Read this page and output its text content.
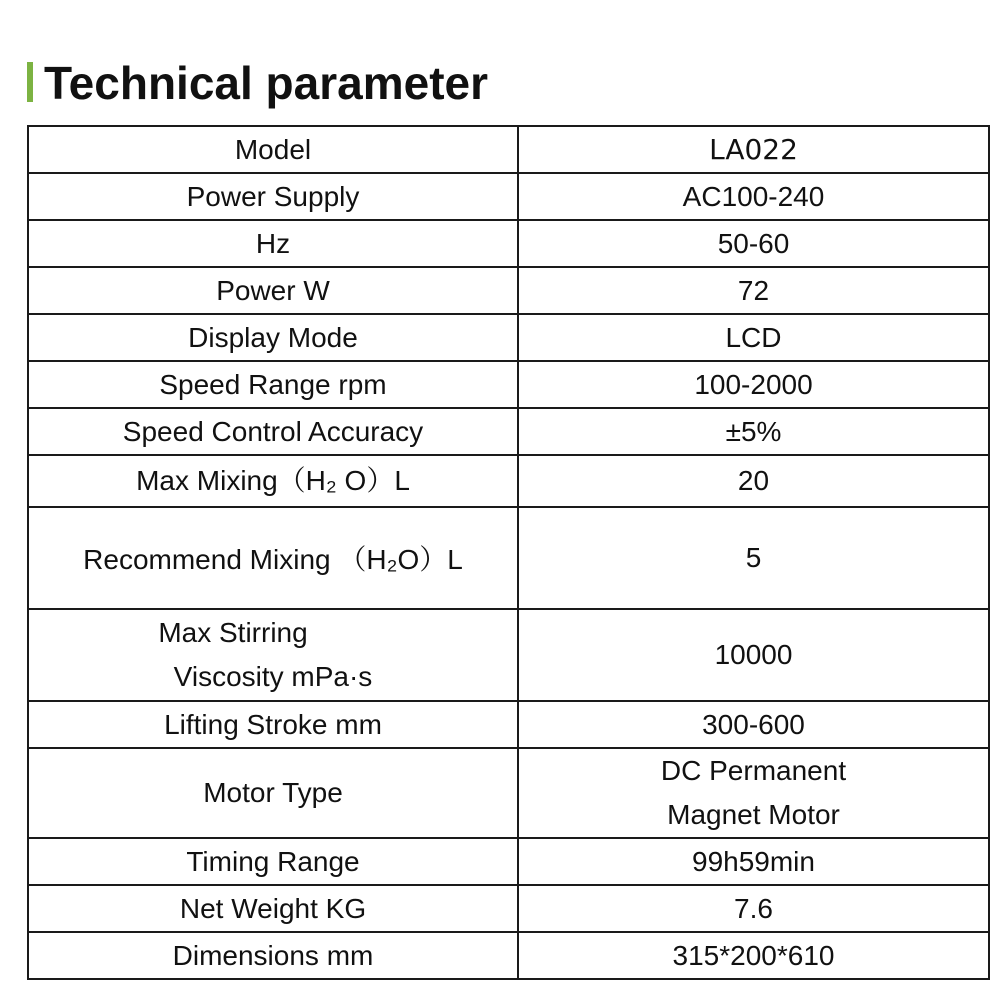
Technical parameter
Model	LA022
Power Supply	AC100-240
Hz	50-60
Power W	72
Display Mode	LCD
Speed Range rpm	100-2000
Speed Control Accuracy	±5%
Max Mixing（H₂ O）L	20

Recommend Mixing （H₂O）L	5

Max Stirring
Viscosity mPa·s	10000
Lifting Stroke mm	300-600
Motor Type	DC Permanent
Magnet Motor

Timing Range	99h59min
Net Weight KG	7.6
Dimensions mm	315*200*610
